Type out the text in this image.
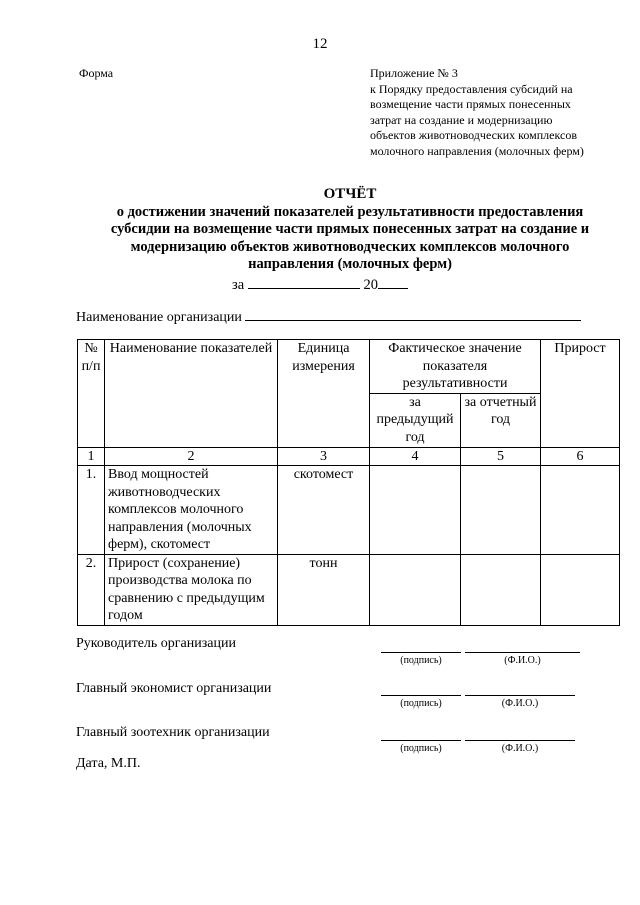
12
Форма	Приложение № 3
к Порядку предоставления субсидий на
возмещение части прямых понесенных
затрат на создание и модернизацию
объектов животноводческих комплексов
молочного направления (молочных ферм)
ОТЧЁТ
о достижении значений показателей результативности предоставления
субсидии на возмещение части прямых понесенных затрат на создание и
модернизацию объектов животноводческих комплексов молочного
направления (молочных ферм)
за	20
Наименование организации
№ п/п	Наименование показателей	Единица измерения	Фактическое значение показателя результативности		Прирост
			за предыдущий год	за отчетный год	
1	2	3	4	5	6
1.	Ввод мощностей животноводческих комплексов молочного направления (молочных ферм), скотомест	скотомест			
2.	Прирост (сохранение) производства молока по сравнению с предыдущим годом	тонн			
Руководитель организации
(подпись)	(Ф.И.О.)
Главный экономист организации
(подпись)	(Ф.И.О.)
Главный зоотехник организации
(подпись)	(Ф.И.О.)
Дата, М.П.
